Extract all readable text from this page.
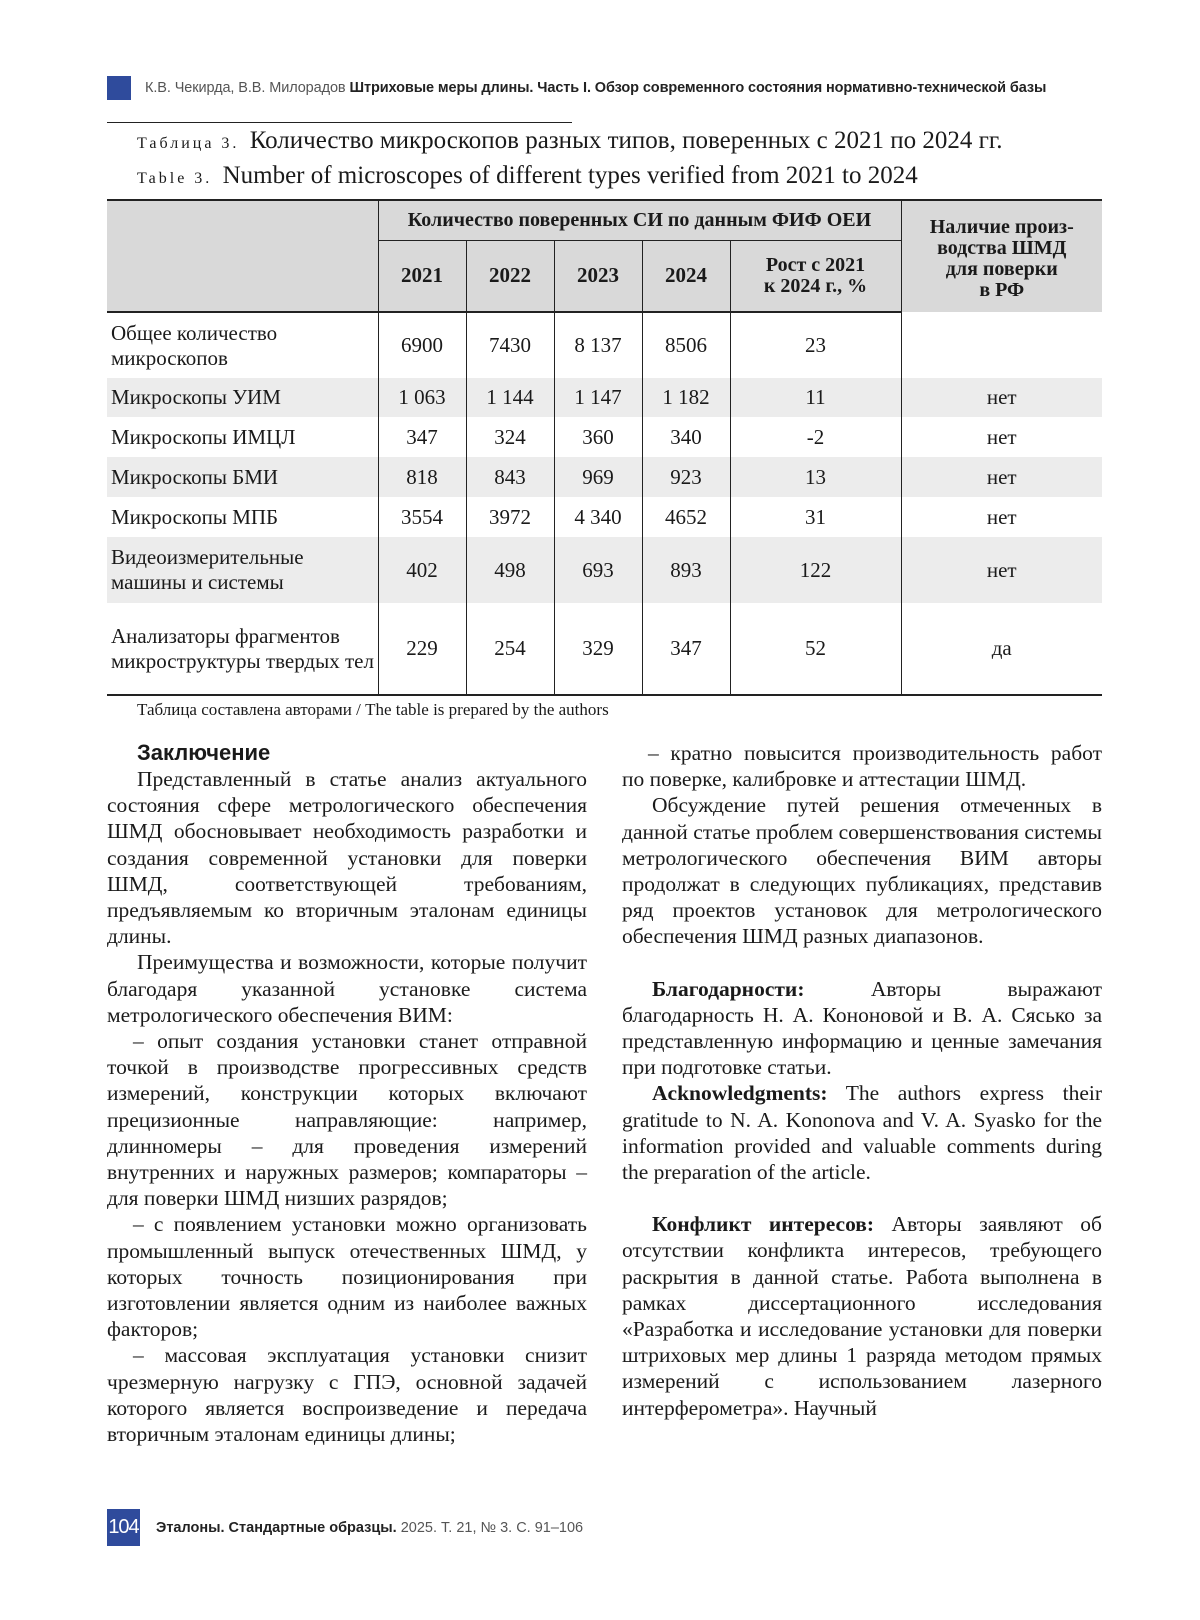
К.В. Чекирда, В.В. Милорадов Штриховые меры длины. Часть I. Обзор современного состояния нормативно-технической базы
Таблица 3. Количество микроскопов разных типов, поверенных с 2021 по 2024 гг.
Table 3. Number of microscopes of different types verified from 2021 to 2024
	Количество поверенных СИ по данным ФИФ ОЕИ					Наличие произ-
водства ШМД
для поверки
в РФ

	2021	2022	2023	2024	Рост с 2021
к 2024 г., %	

Общее количество микроскопов	6900	7430	8 137	8506	23	
Микроскопы УИМ	1 063	1 144	1 147	1 182	11	нет
Микроскопы ИМЦЛ	347	324	360	340	-2	нет
Микроскопы БМИ	818	843	969	923	13	нет
Микроскопы МПБ	3554	3972	4 340	4652	31	нет
Видеоизмерительные машины и системы	402	498	693	893	122	нет
Анализаторы фрагментов микроструктуры твердых тел	229	254	329	347	52	да
Таблица составлена авторами / The table is prepared by the authors
Заключение

Представленный в статье анализ актуального состояния сфере метрологического обеспечения ШМД обосновывает необходимость разработки и создания современной установки для поверки ШМД, соответствующей требованиям, предъявляемым ко вторичным эталонам единицы длины.

Преимущества и возможности, которые получит благодаря указанной установке система метрологического обеспечения ВИМ:

– опыт создания установки станет отправной точкой в производстве прогрессивных средств измерений, конструкции которых включают прецизионные направляющие: например, длинномеры – для проведения измерений внутренних и наружных размеров; компараторы – для поверки ШМД низших разрядов;

– с появлением установки можно организовать промышленный выпуск отечественных ШМД, у которых точность позиционирования при изготовлении является одним из наиболее важных факторов;

– массовая эксплуатация установки снизит чрезмерную нагрузку с ГПЭ, основной задачей которого является воспроизведение и передача вторичным эталонам единицы длины;

– кратно повысится производительность работ по поверке, калибровке и аттестации ШМД.

Обсуждение путей решения отмеченных в данной статье проблем совершенствования системы метрологического обеспечения ВИМ авторы продолжат в следующих публикациях, представив ряд проектов установок для метрологического обеспечения ШМД разных диапазонов.

Благодарности: Авторы выражают благодарность Н. А. Кононовой и В. А. Сясько за представленную информацию и ценные замечания при подготовке статьи.

Acknowledgments: The authors express their gratitude to N. A. Kononova and V. A. Syasko for the information provided and valuable comments during the preparation of the article.

Конфликт интересов: Авторы заявляют об отсутствии конфликта интересов, требующего раскрытия в данной статье. Работа выполнена в рамках диссертационного исследования «Разработка и исследование установки для поверки штриховых мер длины 1 разряда методом прямых измерений с использованием лазерного интерферометра». Научный

104 Эталоны. Стандартные образцы. 2025. Т. 21, № 3. С. 91–106
